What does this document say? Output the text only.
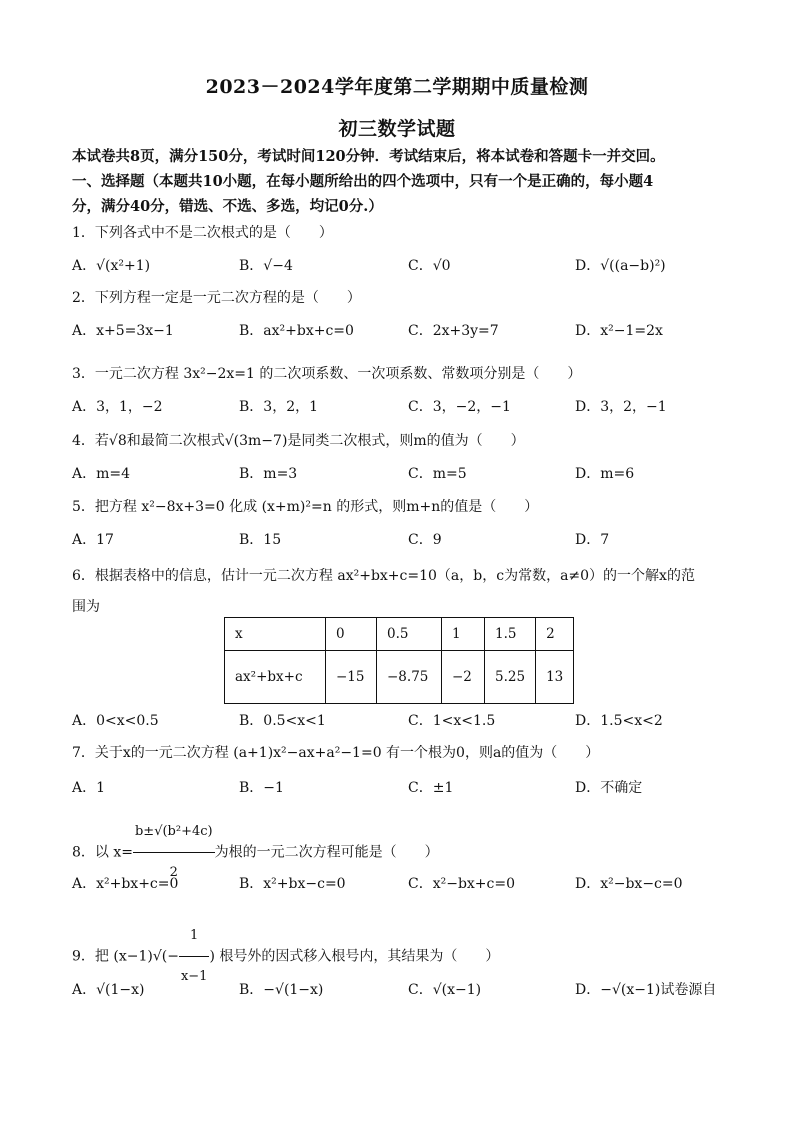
2023－2024学年度第二学期期中质量检测
初三数学试题
本试卷共8页，满分150分，考试时间120分钟．考试结束后，将本试卷和答题卡一并交回。
一、选择题（本题共10小题，在每小题所给出的四个选项中，只有一个是正确的，每小题4
分，满分40分，错选、不选、多选，均记0分.）
1．下列各式中不是二次根式的是（　　）
A．√(x²+1)	B．√−4	C．√0	D．√((a−b)²)
2．下列方程一定是一元二次方程的是（　　）
A．x+5=3x−1	B．ax²+bx+c=0	C．2x+3y=7	D．x²−1=2x
3．一元二次方程 3x²−2x=1 的二次项系数、一次项系数、常数项分别是（　　）
A．3，1，−2	B．3，2，1	C．3，−2，−1	D．3，2，−1
4．若√8和最简二次根式√(3m−7)是同类二次根式，则m的值为（　　）
A．m=4	B．m=3	C．m=5	D．m=6
5．把方程 x²−8x+3=0 化成 (x+m)²=n 的形式，则m+n的值是（　　）
A．17	B．15	C．9	D．7
6．根据表格中的信息，估计一元二次方程 ax²+bx+c=10（a，b，c为常数，a≠0）的一个解x的范
围为
x	0	0.5	1	1.5	2
ax²+bx+c	−15	−8.75	−2	5.25	13
A．0<x<0.5	B．0.5<x<1	C．1<x<1.5	D．1.5<x<2
7．关于x的一元二次方程 (a+1)x²−ax+a²−1=0 有一个根为0，则a的值为（　　）
A．1	B．−1	C．±1	D．不确定
8．以 $x= \frac{\text{b±√(b²+4c)}}{2}$ 为根的一元二次方程可能是（　　）
A．x²+bx+c=0	B．x²+bx−c=0	C．x²−bx+c=0	D．x²−bx−c=0
9．把 $(x-1)√(- \frac{1}{x-1}$ ) 根号外的因式移入根号内，其结果为（　　）
A．√(1−x)	B．−√(1−x)	C．√(x−1)	D．−√(x−1)试卷源自
